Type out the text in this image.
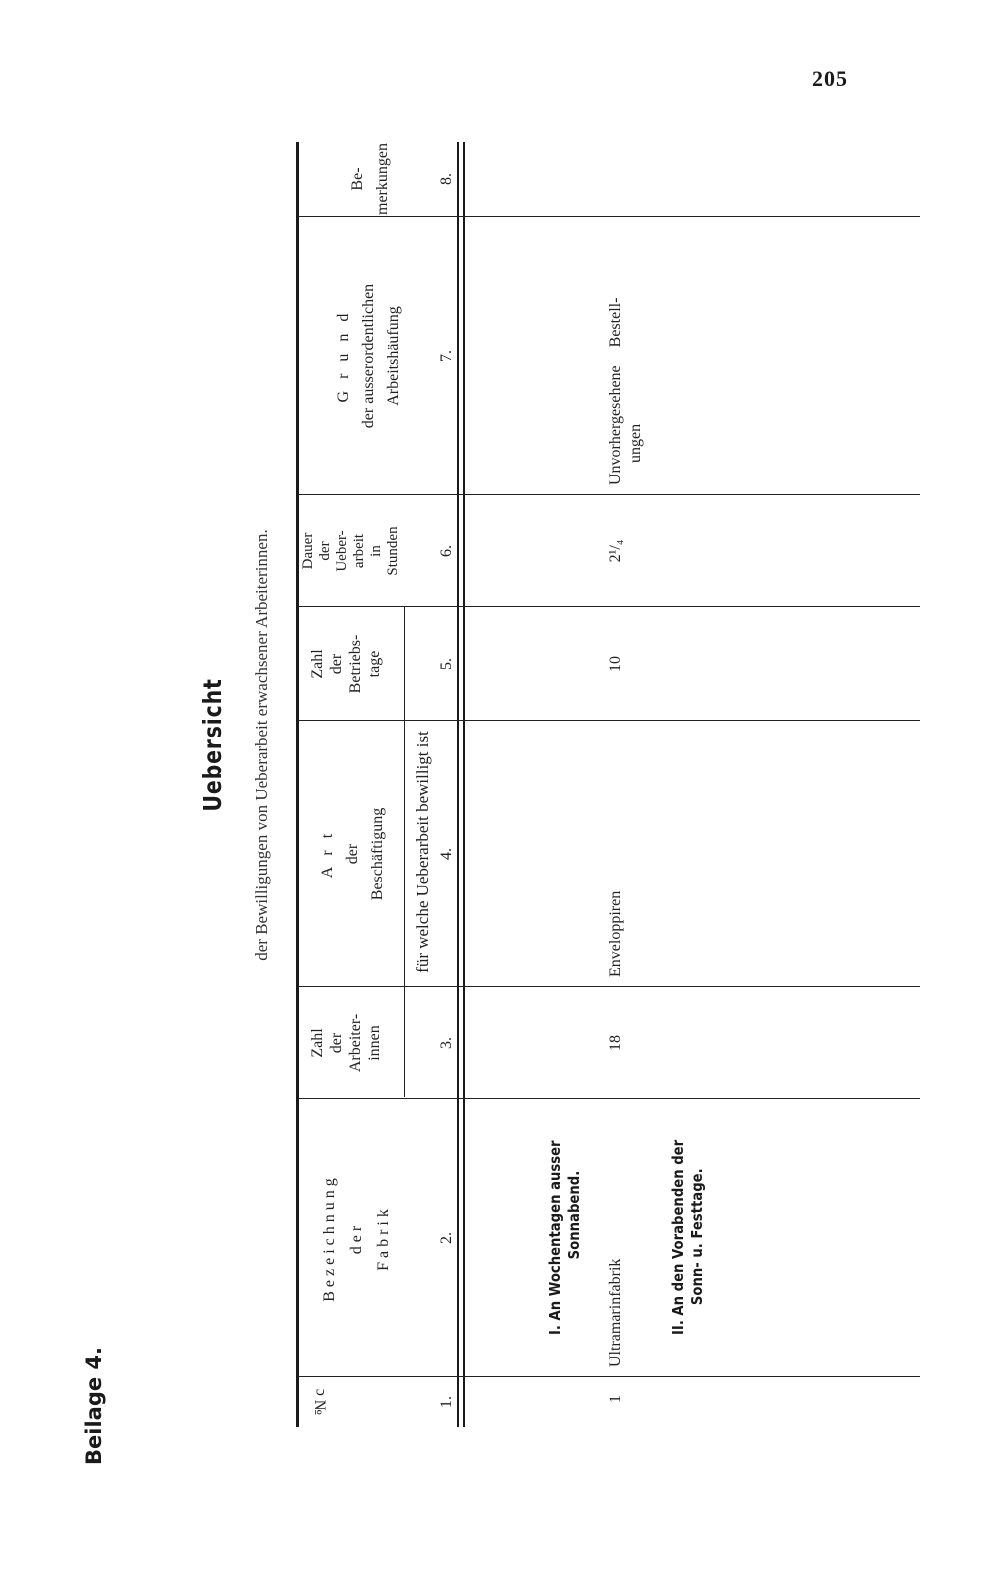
205
Beilage 4.
Uebersicht der Bewilligungen von Ueberarbeit erwachsener Arbeiterinnen.
№ c
Bezeichnung der Fabrik
Zahl der Arbeiter- innen
A r t der Beschäftigung
Zahl der Betriebs- tage
Dauer der Ueber- arbeit in Stunden
G r u n d der ausserordentlichen Arbeitshäufung
Be- merkungen
für welche Ueberarbeit bewilligt ist
1.
2.
3.
4.
5.
6.
7.
8.
I. An Wochentagen ausser Sonnabend.
1
Ultramarinfabrik
18
Enveloppiren
10
2¹/₄
Unvorhergesehene Bestell- ungen
II. An den Vorabenden der Sonn- u. Festtage.
